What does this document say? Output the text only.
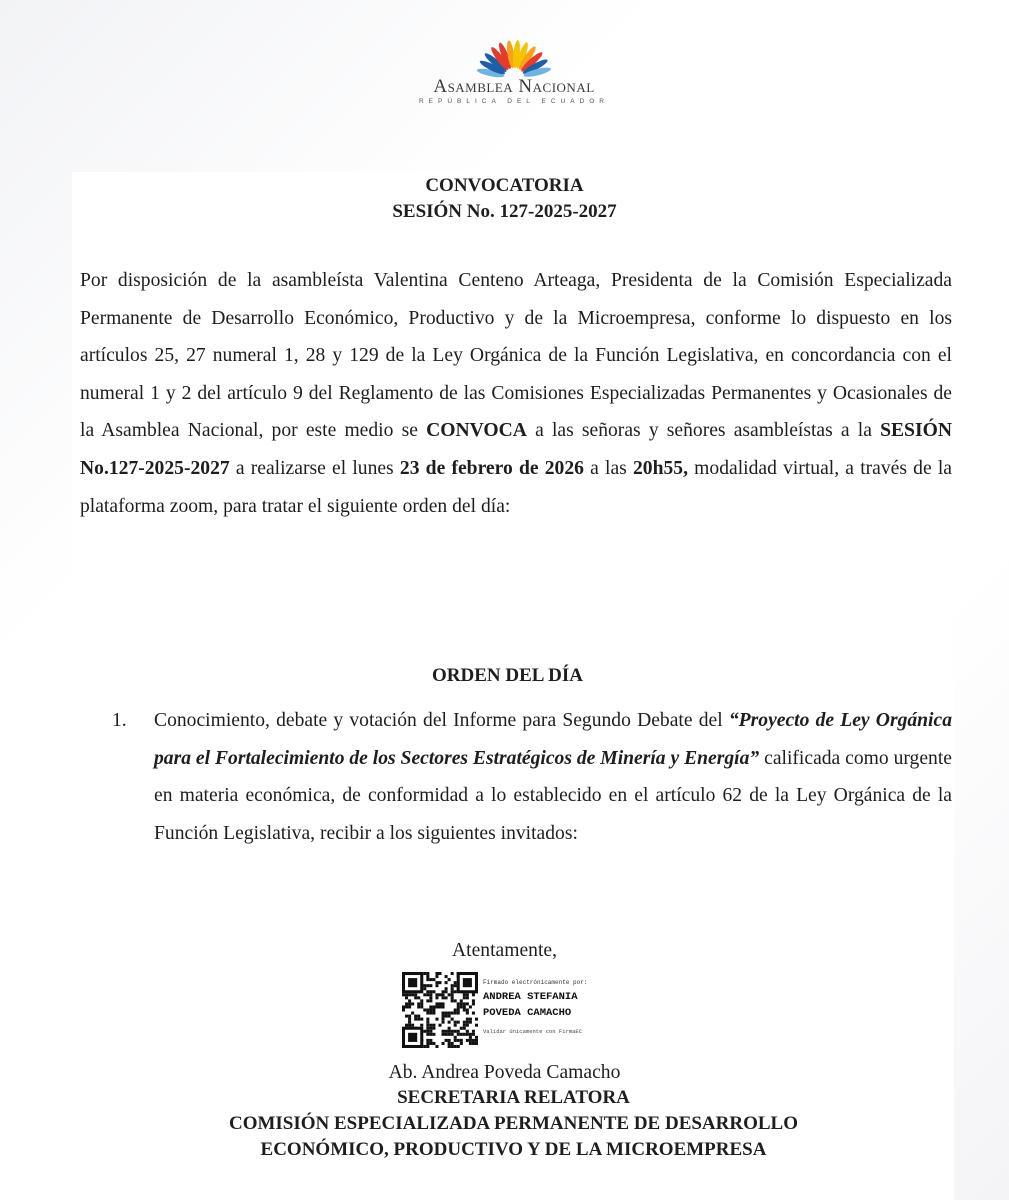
Asamblea Nacional
REPÚBLICA DEL ECUADOR
CONVOCATORIA
SESIÓN No. 127-2025-2027

Por disposición de la asambleísta Valentina Centeno Arteaga, Presidenta de la Comisión Especializada Permanente de Desarrollo Económico, Productivo y de la Microempresa, conforme lo dispuesto en los artículos 25, 27 numeral 1, 28 y 129 de la Ley Orgánica de la Función Legislativa, en concordancia con el numeral 1 y 2 del artículo 9 del Reglamento de las Comisiones Especializadas Permanentes y Ocasionales de la Asamblea Nacional, por este medio se CONVOCA a las señoras y señores asambleístas a la SESIÓN No.127-2025-2027 a realizarse el lunes 23 de febrero de 2026 a las 20h55, modalidad virtual, a través de la plataforma zoom, para tratar el siguiente orden del día:

ORDEN DEL DÍA
1. Conocimiento, debate y votación del Informe para Segundo Debate del “Proyecto de Ley Orgánica para el Fortalecimiento de los Sectores Estratégicos de Minería y Energía” calificada como urgente en materia económica, de conformidad a lo establecido en el artículo 62 de la Ley Orgánica de la Función Legislativa, recibir a los siguientes invitados:

Atentamente,
Firmado electrónicamente por:
ANDREA STEFANIA
POVEDA CAMACHO
Validar únicamente con FirmaEC
Ab. Andrea Poveda Camacho
SECRETARIA RELATORA
COMISIÓN ESPECIALIZADA PERMANENTE DE DESARROLLO
ECONÓMICO, PRODUCTIVO Y DE LA MICROEMPRESA
